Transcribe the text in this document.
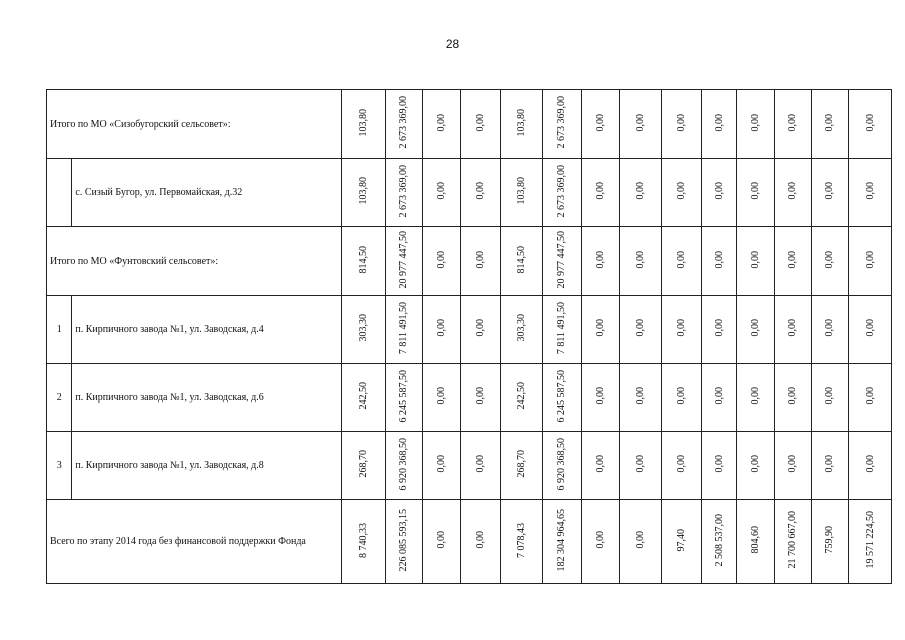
28
Итого по МО «Сизобугорский сельсовет»:		103,80	2 673 369,00	0,00	0,00	103,80	2 673 369,00	0,00	0,00	0,00	0,00	0,00	0,00	0,00	0,00
	с. Сизый Бугор, ул. Первомайская, д.32	103,80	2 673 369,00	0,00	0,00	103,80	2 673 369,00	0,00	0,00	0,00	0,00	0,00	0,00	0,00	0,00
Итого по МО «Фунтовский сельсовет»:		814,50	20 977 447,50	0,00	0,00	814,50	20 977 447,50	0,00	0,00	0,00	0,00	0,00	0,00	0,00	0,00
1	п. Кирпичного завода №1, ул. Заводская, д.4	303,30	7 811 491,50	0,00	0,00	303,30	7 811 491,50	0,00	0,00	0,00	0,00	0,00	0,00	0,00	0,00
2	п. Кирпичного завода №1, ул. Заводская, д.6	242,50	6 245 587,50	0,00	0,00	242,50	6 245 587,50	0,00	0,00	0,00	0,00	0,00	0,00	0,00	0,00
3	п. Кирпичного завода №1, ул. Заводская, д.8	268,70	6 920 368,50	0,00	0,00	268,70	6 920 368,50	0,00	0,00	0,00	0,00	0,00	0,00	0,00	0,00
Всего по этапу 2014 года без финансовой поддержки Фонда		8 740,33	226 085 593,15	0,00	0,00	7 078,43	182 304 964,65	0,00	0,00	97,40	2 508 537,00	804,60	21 700 667,00	759,90	19 571 224,50
